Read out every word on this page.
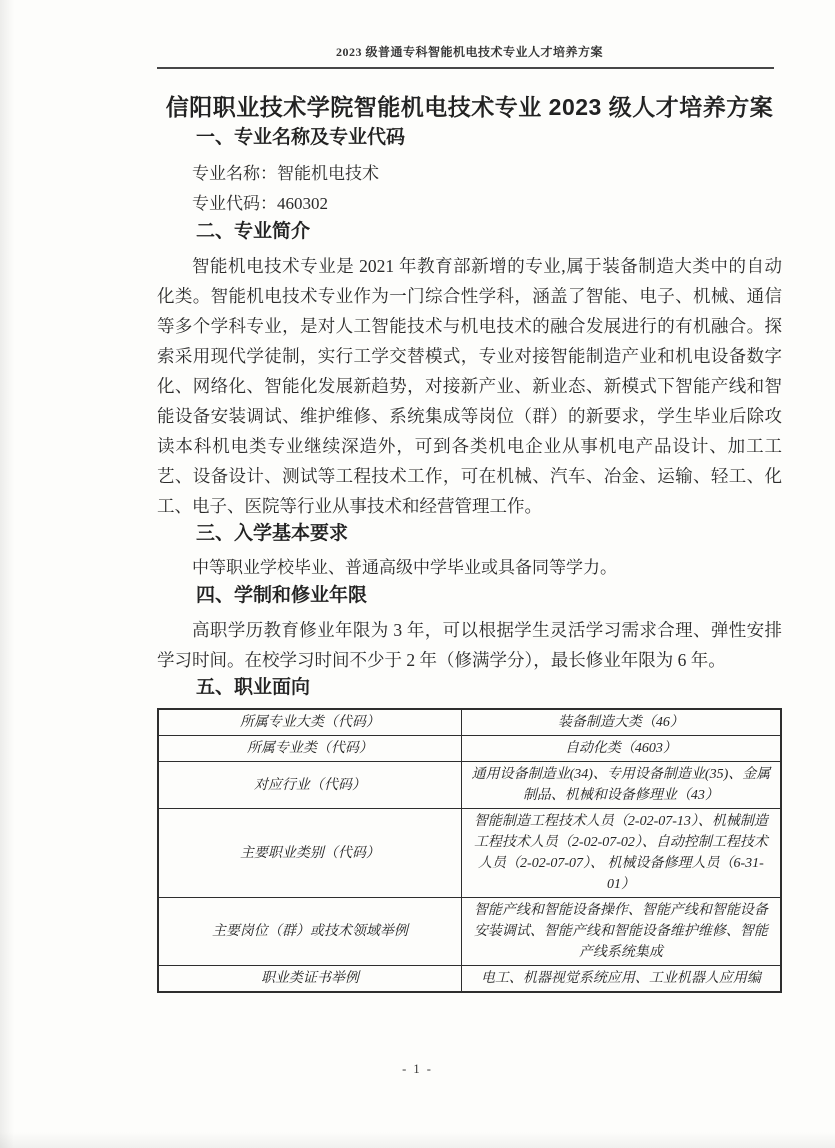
2023 级普通专科智能机电技术专业人才培养方案
信阳职业技术学院智能机电技术专业 2023 级人才培养方案
一、专业名称及专业代码

专业名称：智能机电技术

专业代码：460302

二、专业简介

智能机电技术专业是 2021 年教育部新增的专业,属于装备制造大类中的自动化类。智能机电技术专业作为一门综合性学科，涵盖了智能、电子、机械、通信等多个学科专业，是对人工智能技术与机电技术的融合发展进行的有机融合。探索采用现代学徒制，实行工学交替模式，专业对接智能制造产业和机电设备数字化、网络化、智能化发展新趋势，对接新产业、新业态、新模式下智能产线和智能设备安装调试、维护维修、系统集成等岗位（群）的新要求，学生毕业后除攻读本科机电类专业继续深造外，可到各类机电企业从事机电产品设计、加工工艺、设备设计、测试等工程技术工作，可在机械、汽车、冶金、运输、轻工、化工、电子、医院等行业从事技术和经营管理工作。

三、入学基本要求

中等职业学校毕业、普通高级中学毕业或具备同等学力。

四、学制和修业年限

高职学历教育修业年限为 3 年，可以根据学生灵活学习需求合理、弹性安排学习时间。在校学习时间不少于 2 年（修满学分），最长修业年限为 6 年。

五、职业面向
所属专业大类（代码）	装备制造大类（46）
所属专业类（代码）	自动化类（4603）
对应行业（代码）	通用设备制造业(34)、专用设备制造业(35)、金属制品、机械和设备修理业（43）
主要职业类别（代码）	智能制造工程技术人员（2-02-07-13）、机械制造工程技术人员（2-02-07-02）、自动控制工程技术人员（2-02-07-07）、 机械设备修理人员（6-31-01）
主要岗位（群）或技术领域举例	智能产线和智能设备操作、智能产线和智能设备安装调试、智能产线和智能设备维护维修、智能产线系统集成
职业类证书举例	电工、机器视觉系统应用、工业机器人应用编
- 1 -
